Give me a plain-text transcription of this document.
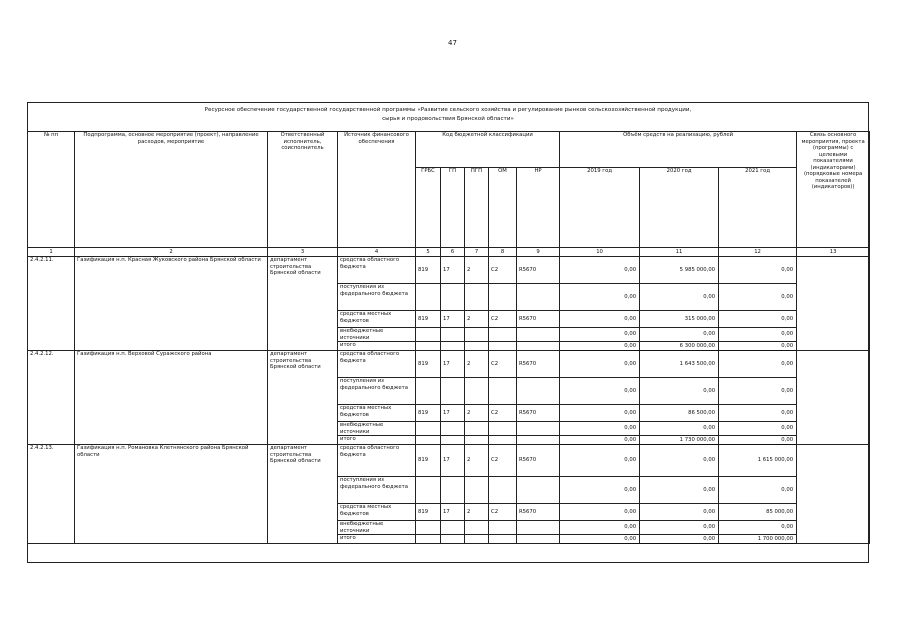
47
Ресурсное обеспечение государственной государственной программы «Развитие сельского хозяйства и регулирование рынков сельскохозяйственной продукции,
сырья и продовольствия Брянской области»
№ пп	Подпрограмма, основное мероприятие (проект), направление расходов, мероприятие	Ответственный исполнитель, соисполнитель	Источник финансового обеспечения	Код бюджетной классификации					Объём средств на реализацию, рублей			Связь основного мероприятия, проекта (программы) с целевыми показателями (индикаторами) (порядковые номера показателей (индикаторов))
				ГРБС	ГП	ПГП	ОМ	НР	2019 год	2020 год	2021 год	
1	2	3	4	5	6	7	8	9	10	11	12	13
2.4.2.11.	Газификация н.п. Красная Жуковского района Брянской области	департамент строительства Брянской области	средства областного бюджета	819	17	2	С2	R5670	0,00	5 985 000,00	0,00	
			поступления из федерального бюджета						0,00	0,00	0,00	
			средства местных бюджетов	819	17	2	С2	R5670	0,00	315 000,00	0,00	
			внебюджетные источники						0,00	0,00	0,00	
			итого						0,00	6 300 000,00	0,00	
2.4.2.12.	Газификация н.п. Верховой Суражского района	департамент строительства Брянской области	средства областного бюджета	819	17	2	С2	R5670	0,00	1 643 500,00	0,00	
			поступления из федерального бюджета						0,00	0,00	0,00	
			средства местных бюджетов	819	17	2	С2	R5670	0,00	86 500,00	0,00	
			внебюджетные источники						0,00	0,00	0,00	
			итого						0,00	1 730 000,00	0,00	
2.4.2.13.	Газификация н.п. Романовка Клетнянского района Брянской области	департамент строительства Брянской области	средства областного бюджета	819	17	2	С2	R5670	0,00	0,00	1 615 000,00	
			поступления из федерального бюджета						0,00	0,00	0,00	
			средства местных бюджетов	819	17	2	С2	R5670	0,00	0,00	85 000,00	
			внебюджетные источники						0,00	0,00	0,00	
			итого						0,00	0,00	1 700 000,00	
